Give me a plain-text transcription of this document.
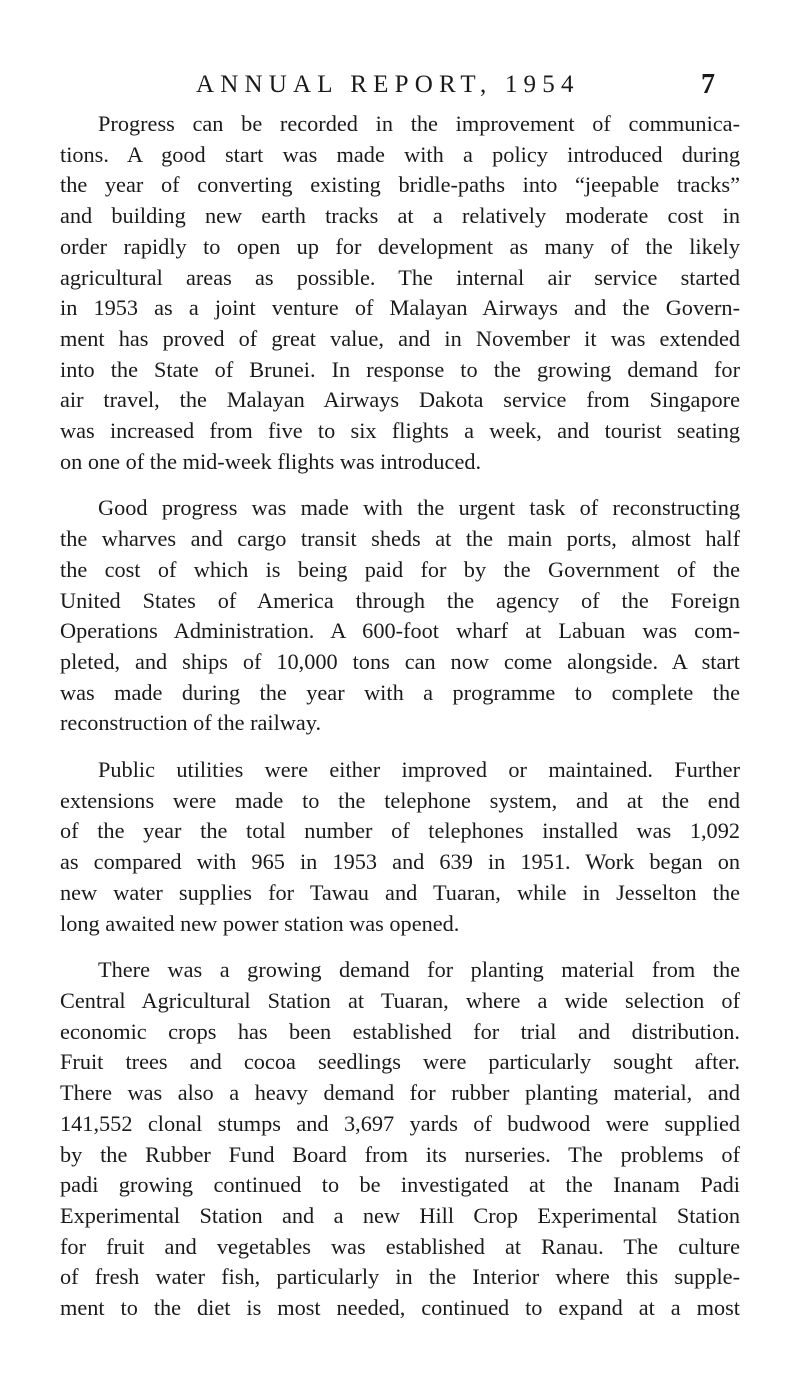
ANNUAL REPORT, 1954	7
Progress can be recorded in the improvement of communica-
tions. A good start was made with a policy introduced during
the year of converting existing bridle-paths into “jeepable tracks”
and building new earth tracks at a relatively moderate cost in
order rapidly to open up for development as many of the likely
agricultural areas as possible. The internal air service started
in 1953 as a joint venture of Malayan Airways and the Govern-
ment has proved of great value, and in November it was extended
into the State of Brunei. In response to the growing demand for
air travel, the Malayan Airways Dakota service from Singapore
was increased from five to six flights a week, and tourist seating
on one of the mid-week flights was introduced.
Good progress was made with the urgent task of reconstructing
the wharves and cargo transit sheds at the main ports, almost half
the cost of which is being paid for by the Government of the
United States of America through the agency of the Foreign
Operations Administration. A 600-foot wharf at Labuan was com-
pleted, and ships of 10,000 tons can now come alongside. A start
was made during the year with a programme to complete the
reconstruction of the railway.
Public utilities were either improved or maintained. Further
extensions were made to the telephone system, and at the end
of the year the total number of telephones installed was 1,092
as compared with 965 in 1953 and 639 in 1951. Work began on
new water supplies for Tawau and Tuaran, while in Jesselton the
long awaited new power station was opened.
There was a growing demand for planting material from the
Central Agricultural Station at Tuaran, where a wide selection of
economic crops has been established for trial and distribution.
Fruit trees and cocoa seedlings were particularly sought after.
There was also a heavy demand for rubber planting material, and
141,552 clonal stumps and 3,697 yards of budwood were supplied
by the Rubber Fund Board from its nurseries. The problems of
padi growing continued to be investigated at the Inanam Padi
Experimental Station and a new Hill Crop Experimental Station
for fruit and vegetables was established at Ranau. The culture
of fresh water fish, particularly in the Interior where this supple-
ment to the diet is most needed, continued to expand at a most
